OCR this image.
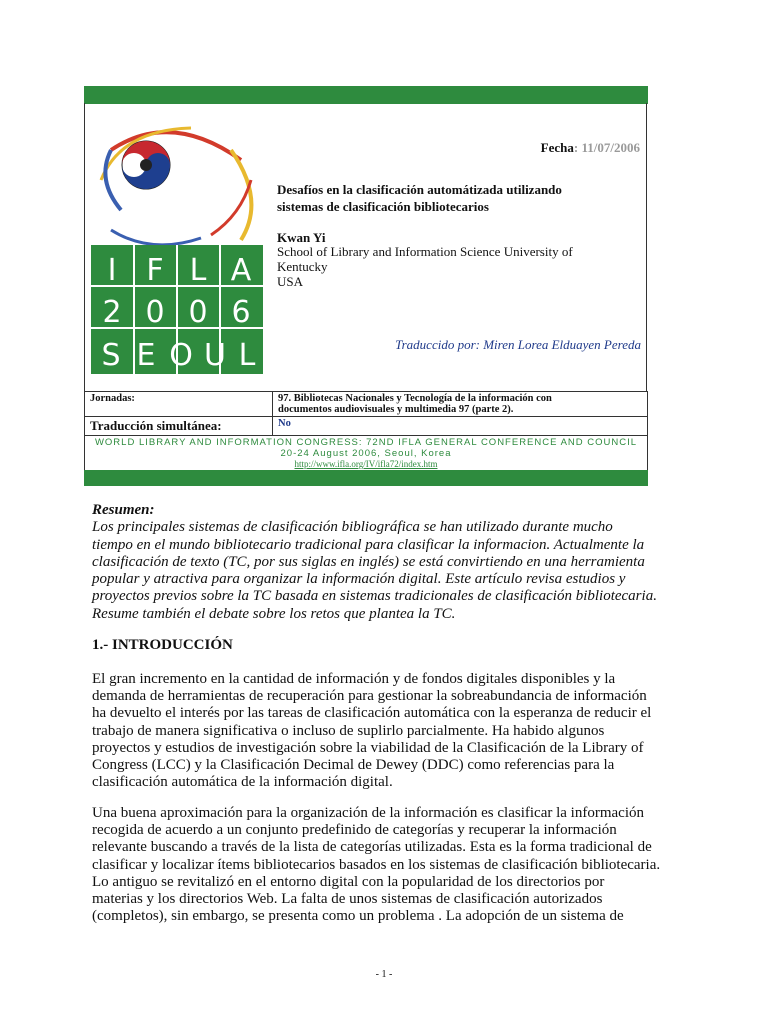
I F L A
2 0 0 6
S E O U L
Fecha: 11/07/2006
Desafíos en la clasificación automátizada utilizando
sistemas de clasificación bibliotecarios
Kwan Yi
School of Library and Information Science University of
Kentucky
USA
Traduccido por: Miren Lorea Elduayen Pereda
Jornadas:	97. Bibliotecas Nacionales y Tecnología de la información con
documentos audiovisuales y multimedia 97 (parte 2).

Traducción simultánea:	No

WORLD LIBRARY AND INFORMATION CONGRESS: 72ND IFLA GENERAL CONFERENCE AND COUNCIL
20-24 August 2006, Seoul, Korea
http://www.ifla.org/IV/ifla72/index.htm	
Resumen:
Los principales sistemas de clasificación bibliográfica se han utilizado durante mucho
tiempo en el mundo bibliotecario tradicional para clasificar la informacion. Actualmente la
clasificación de texto (TC, por sus siglas en inglés) se está convirtiendo en una herramienta
popular y atractiva para organizar la información digital. Este artículo revisa estudios y
proyectos previos sobre la TC basada en sistemas tradicionales de clasificación bibliotecaria.
Resume también el debate sobre los retos que plantea la TC.
1.- INTRODUCCIÓN
El gran incremento en la cantidad de información y de fondos digitales disponibles y la
demanda de herramientas de recuperación para gestionar la sobreabundancia de información
ha devuelto el interés por las tareas de clasificación automática con la esperanza de reducir el
trabajo de manera significativa o incluso de suplirlo parcialmente. Ha habido algunos
proyectos y estudios de investigación sobre la viabilidad de la Clasificación de la Library of
Congress (LCC) y la Clasificación Decimal de Dewey (DDC) como referencias para la
clasificación automática de la información digital.
Una buena aproximación para la organización de la información es clasificar la información
recogida de acuerdo a un conjunto predefinido de categorías y recuperar la información
relevante buscando a través de la lista de categorías utilizadas. Esta es la forma tradicional de
clasificar y localizar ítems bibliotecarios basados en los sistemas de clasificación bibliotecaria.
Lo antiguo se revitalizó en el entorno digital con la popularidad de los directorios por
materias y los directorios Web. La falta de unos sistemas de clasificación autorizados
(completos), sin embargo, se presenta como un problema . La adopción de un sistema de
- 1 -
